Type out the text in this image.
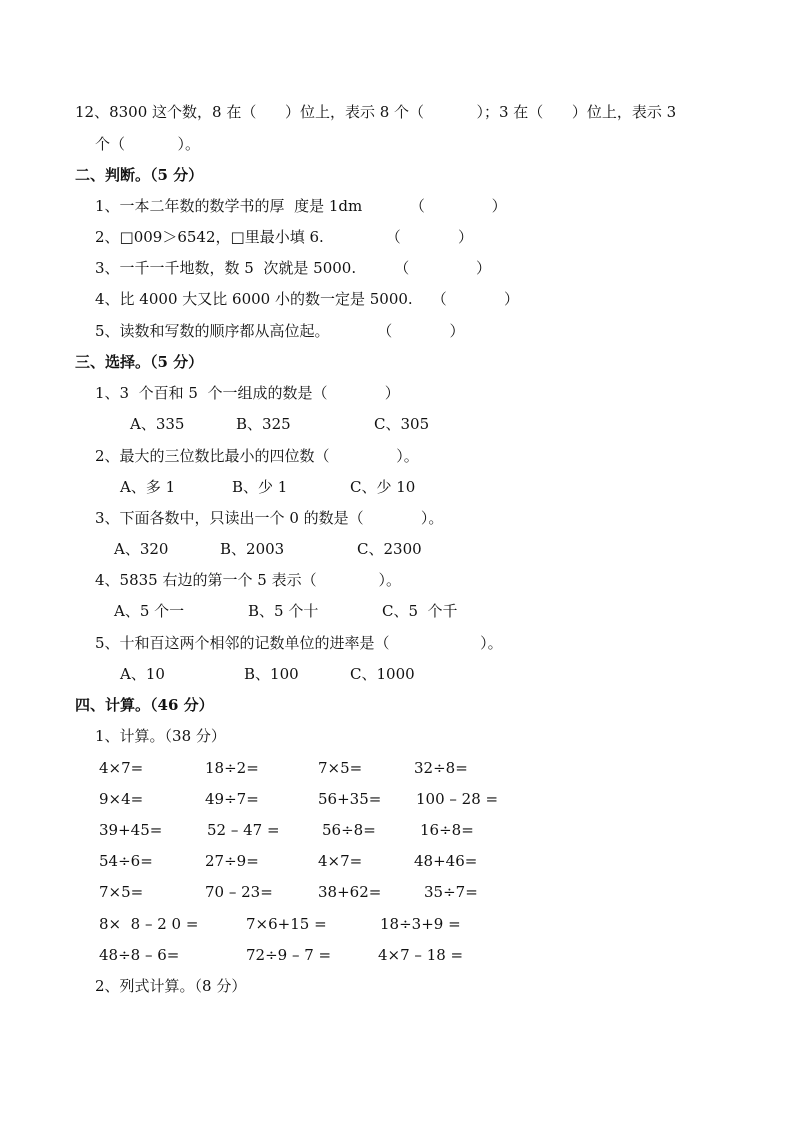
12、8300 这个数，8 在（      ）位上，表示 8 个（           ）；3 在（      ）位上，表示 3
个（           ）。
二、判断。（5 分）
1、一本二年数的数学书的厚  度是 1dm          （              ）
2、□009＞6542，□里最小填 6.             （            ）
3、一千一千地数，数 5  次就是 5000.        （              ）
4、比 4000 大又比 6000 小的数一定是 5000.    （            ）
5、读数和写数的顺序都从高位起。          （            ）
三、选择。（5 分）
1、3  个百和 5  个一组成的数是（            ）
A、335	B、325	C、305
2、最大的三位数比最小的四位数（              ）。
A、多 1	B、少 1	C、少 10
3、下面各数中，只读出一个 0 的数是（            ）。
A、320	B、2003	C、2300
4、5835 右边的第一个 5 表示（             ）。
A、5 个一	B、5 个十	C、5  个千
5、十和百这两个相邻的记数单位的进率是（                   ）。
A、10	B、100	C、1000
四、计算。（46 分）
1、计算。（38 分）
4×7=	18÷2=	7×5=	32÷8=
9×4=	49÷7=	56+35= 100 – 28 =
39+45=	52 – 47 =	56÷8=	16÷8=
54÷6=	27÷9=	4×7=	48+46=
7×5=	70 – 23=	38+62=	35÷7=
8×  8 – 2 0 =	7×6+15 =	18÷3+9 =
48÷8 – 6=	72÷9 – 7 =	4×7 – 18 =
2、列式计算。（8 分）
